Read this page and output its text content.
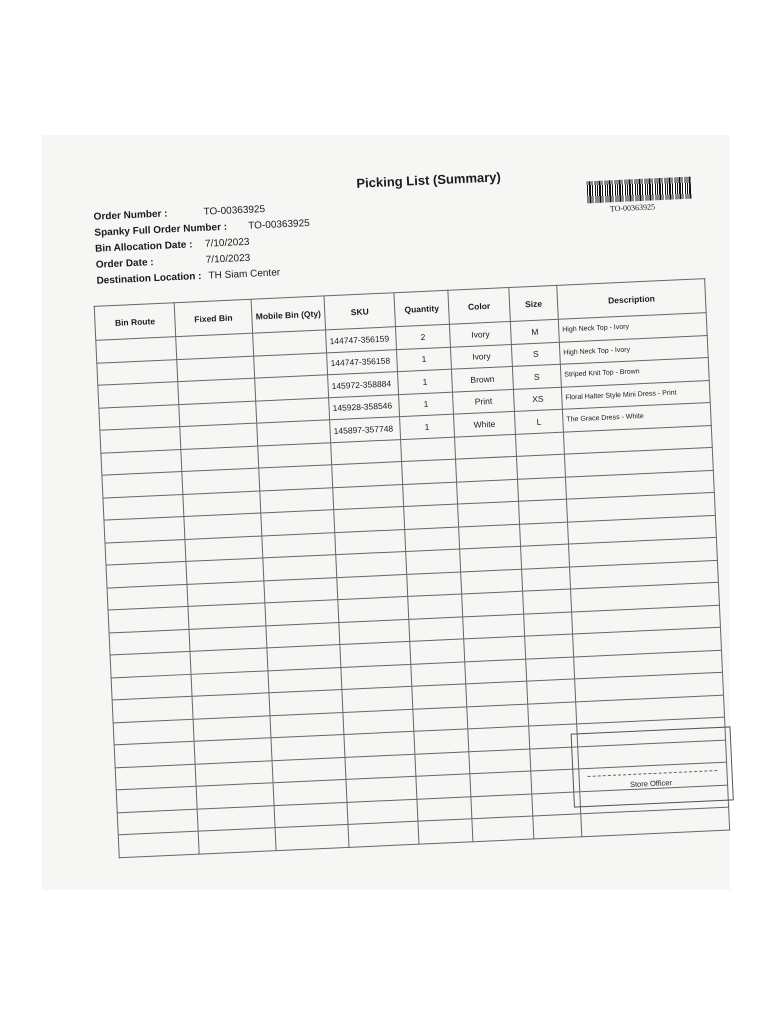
Picking List (Summary)
Order Number :	TO-00363925
Spanky Full Order Number : TO-00363925
Bin Allocation Date : 7/10/2023
Order Date :	7/10/2023
Destination Location : TH Siam Center
TO-00363925
Bin Route	Fixed Bin	Mobile Bin (Qty)	SKU	Quantity	Color	Size	Description
			144747-356159	2	Ivory	M	High Neck Top - Ivory
			144747-356158	1	Ivory	S	High Neck Top - Ivory
			145972-358884	1	Brown	S	Striped Knit Top - Brown
			145928-358546	1	Print	XS	Floral Halter Style Mini Dress - Print
			145897-357748	1	White	L	The Grace Dress - White

Store Officer
